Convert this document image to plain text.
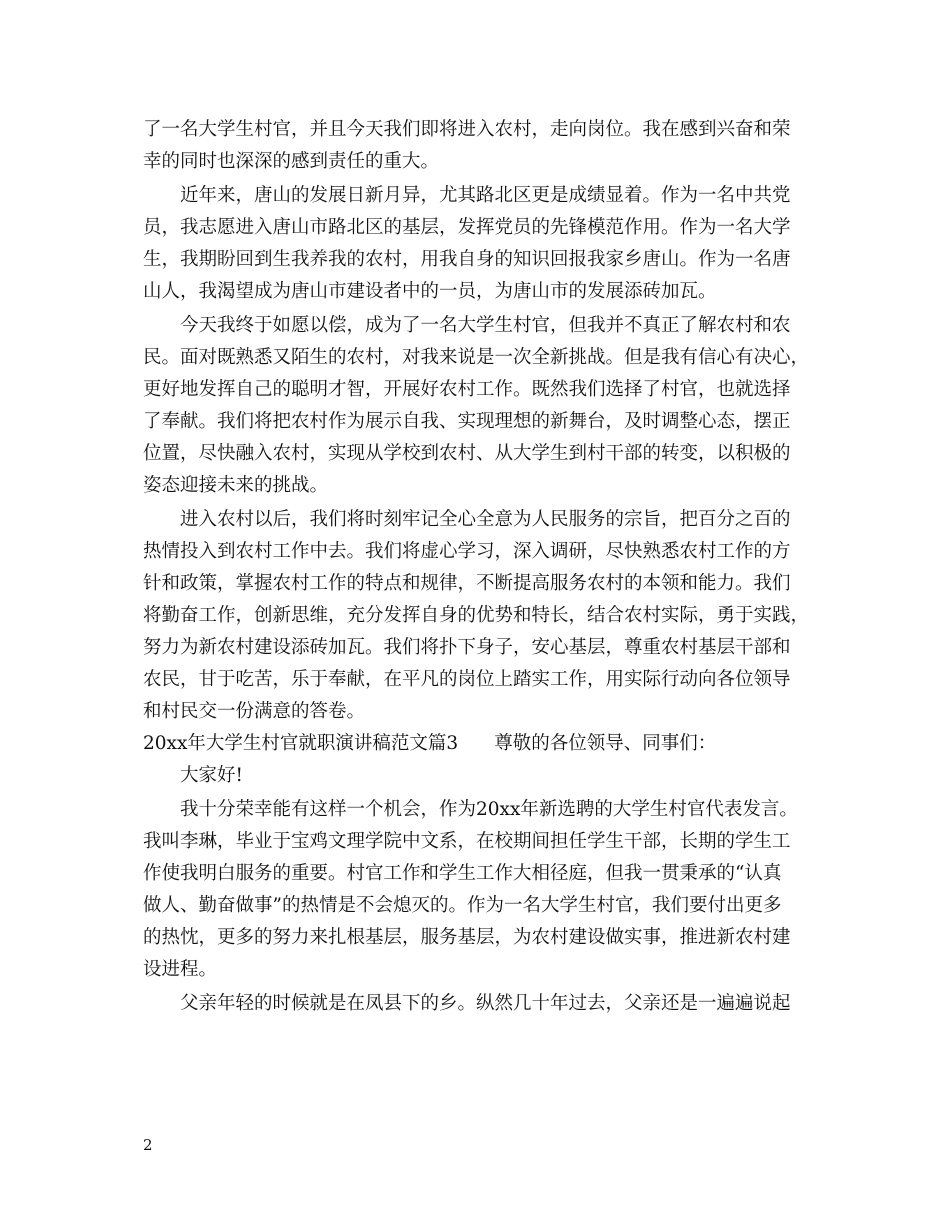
了一名大学生村官，并且今天我们即将进入农村，走向岗位。我在感到兴奋和荣
幸的同时也深深的感到责任的重大。

近年来，唐山的发展日新月异，尤其路北区更是成绩显着。作为一名中共党
员，我志愿进入唐山市路北区的基层，发挥党员的先锋模范作用。作为一名大学
生，我期盼回到生我养我的农村，用我自身的知识回报我家乡唐山。作为一名唐
山人，我渴望成为唐山市建设者中的一员，为唐山市的发展添砖加瓦。

今天我终于如愿以偿，成为了一名大学生村官，但我并不真正了解农村和农
民。面对既熟悉又陌生的农村，对我来说是一次全新挑战。但是我有信心有决心，
更好地发挥自己的聪明才智，开展好农村工作。既然我们选择了村官，也就选择
了奉献。我们将把农村作为展示自我、实现理想的新舞台，及时调整心态，摆正
位置，尽快融入农村，实现从学校到农村、从大学生到村干部的转变，以积极的
姿态迎接未来的挑战。

进入农村以后，我们将时刻牢记全心全意为人民服务的宗旨，把百分之百的
热情投入到农村工作中去。我们将虚心学习，深入调研，尽快熟悉农村工作的方
针和政策，掌握农村工作的特点和规律，不断提高服务农村的本领和能力。我们
将勤奋工作，创新思维，充分发挥自身的优势和特长，结合农村实际，勇于实践，
努力为新农村建设添砖加瓦。我们将扑下身子，安心基层，尊重农村基层干部和
农民，甘于吃苦，乐于奉献，在平凡的岗位上踏实工作，用实际行动向各位领导
和村民交一份满意的答卷。

20xx年大学生村官就职演讲稿范文篇3 尊敬的各位领导、同事们：

大家好!

我十分荣幸能有这样一个机会，作为20xx年新选聘的大学生村官代表发言。
我叫李琳，毕业于宝鸡文理学院中文系，在校期间担任学生干部，长期的学生工
作使我明白服务的重要。村官工作和学生工作大相径庭，但我一贯秉承的“认真
做人、勤奋做事”的热情是不会熄灭的。作为一名大学生村官，我们要付出更多
的热忱，更多的努力来扎根基层，服务基层，为农村建设做实事，推进新农村建
设进程。

父亲年轻的时候就是在凤县下的乡。纵然几十年过去，父亲还是一遍遍说起

2
